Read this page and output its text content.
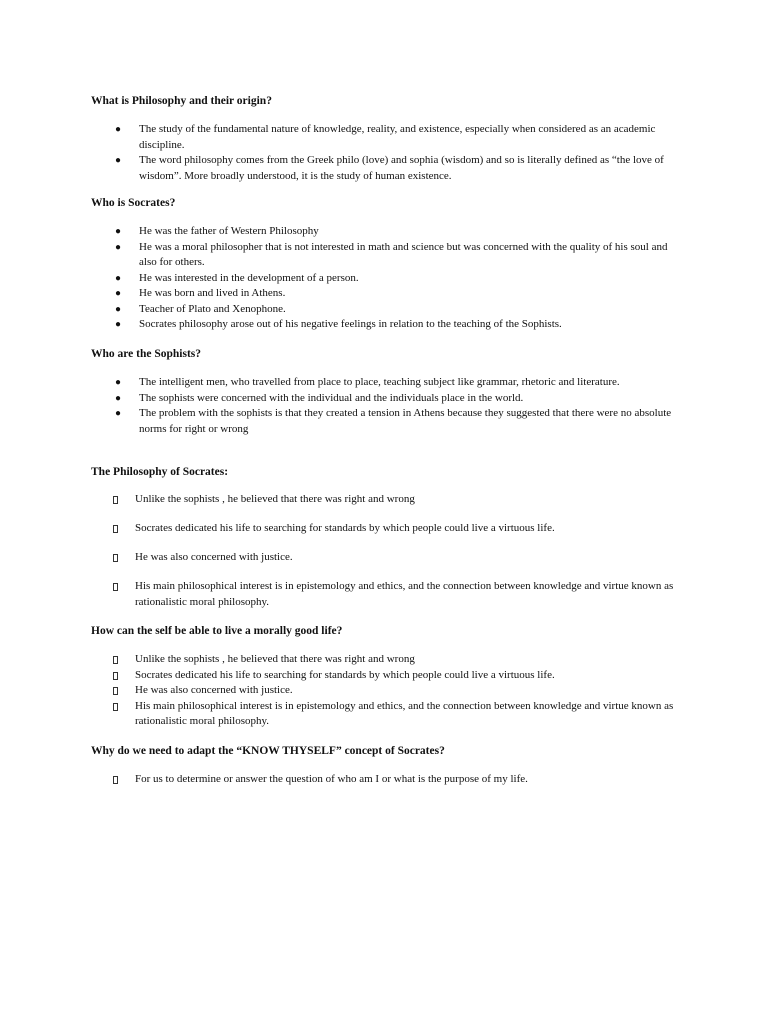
What is Philosophy and their origin?
● The study of the fundamental nature of knowledge, reality, and existence, especially when considered as an academic discipline.
● The word philosophy comes from the Greek philo (love) and sophia (wisdom) and so is literally defined as “the love of wisdom”. More broadly understood, it is the study of human existence.
Who is Socrates?
● He was the father of Western Philosophy
● He was a moral philosopher that is not interested in math and science but was concerned with the quality of his soul and also for others.
● He was interested in the development of a person.
● He was born and lived in Athens.
● Teacher of Plato and Xenophone.
● Socrates philosophy arose out of his negative feelings in relation to the teaching of the Sophists.
Who are the Sophists?
● The intelligent men, who travelled from place to place, teaching subject like grammar, rhetoric and literature.
● The sophists were concerned with the individual and the individuals place in the world.
● The problem with the sophists is that they created a tension in Athens because they suggested that there were no absolute norms for right or wrong
The Philosophy of Socrates:
Unlike the sophists , he believed that there was right and wrong
Socrates dedicated his life to searching for standards by which people could live a virtuous life.
He was also concerned with justice.
His main philosophical interest is in epistemology and ethics, and the connection between knowledge and virtue known as rationalistic moral philosophy.
How can the self be able to live a morally good life?
Unlike the sophists , he believed that there was right and wrong
Socrates dedicated his life to searching for standards by which people could live a virtuous life.
He was also concerned with justice.
His main philosophical interest is in epistemology and ethics, and the connection between knowledge and virtue known as rationalistic moral philosophy.
Why do we need to adapt the “KNOW THYSELF” concept of Socrates?
For us to determine or answer the question of who am I or what is the purpose of my life.
